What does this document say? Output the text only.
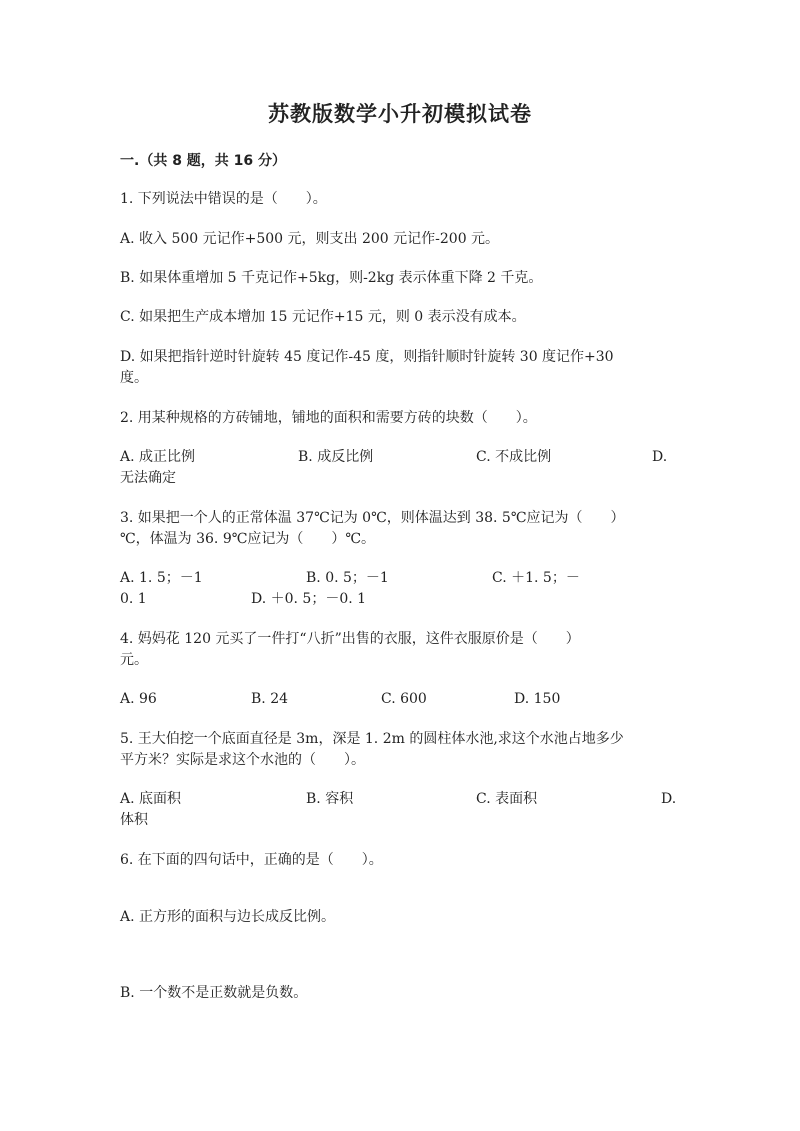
苏教版数学小升初模拟试卷
一.（共 8 题，共 16 分）
1. 下列说法中错误的是（　　）。
A. 收入 500 元记作+500 元，则支出 200 元记作-200 元。
B. 如果体重增加 5 千克记作+5kg，则-2kg 表示体重下降 2 千克。
C. 如果把生产成本增加 15 元记作+15 元，则 0 表示没有成本。
D. 如果把指针逆时针旋转 45 度记作-45 度，则指针顺时针旋转 30 度记作+30
度。
2. 用某种规格的方砖铺地，铺地的面积和需要方砖的块数（　　）。
A. 成正比例	B. 成反比例	C. 不成比例	D.
无法确定
3. 如果把一个人的正常体温 37℃记为 0℃，则体温达到 38. 5℃应记为（　　）
℃，体温为 36. 9℃应记为（　　）℃。
A. 1. 5；－1	B. 0. 5；－1	C. ＋1. 5；－
0. 1	D. ＋0. 5；－0. 1
4. 妈妈花 120 元买了一件打“八折”出售的衣服，这件衣服原价是（　　）
元。
A. 96	B. 24	C. 600	D. 150
5. 王大伯挖一个底面直径是 3m，深是 1. 2m 的圆柱体水池,求这个水池占地多少
平方米？实际是求这个水池的（　　）。
A. 底面积	B. 容积	C. 表面积	D.
体积
6. 在下面的四句话中，正确的是（　　）。
A. 正方形的面积与边长成反比例。
B. 一个数不是正数就是负数。
